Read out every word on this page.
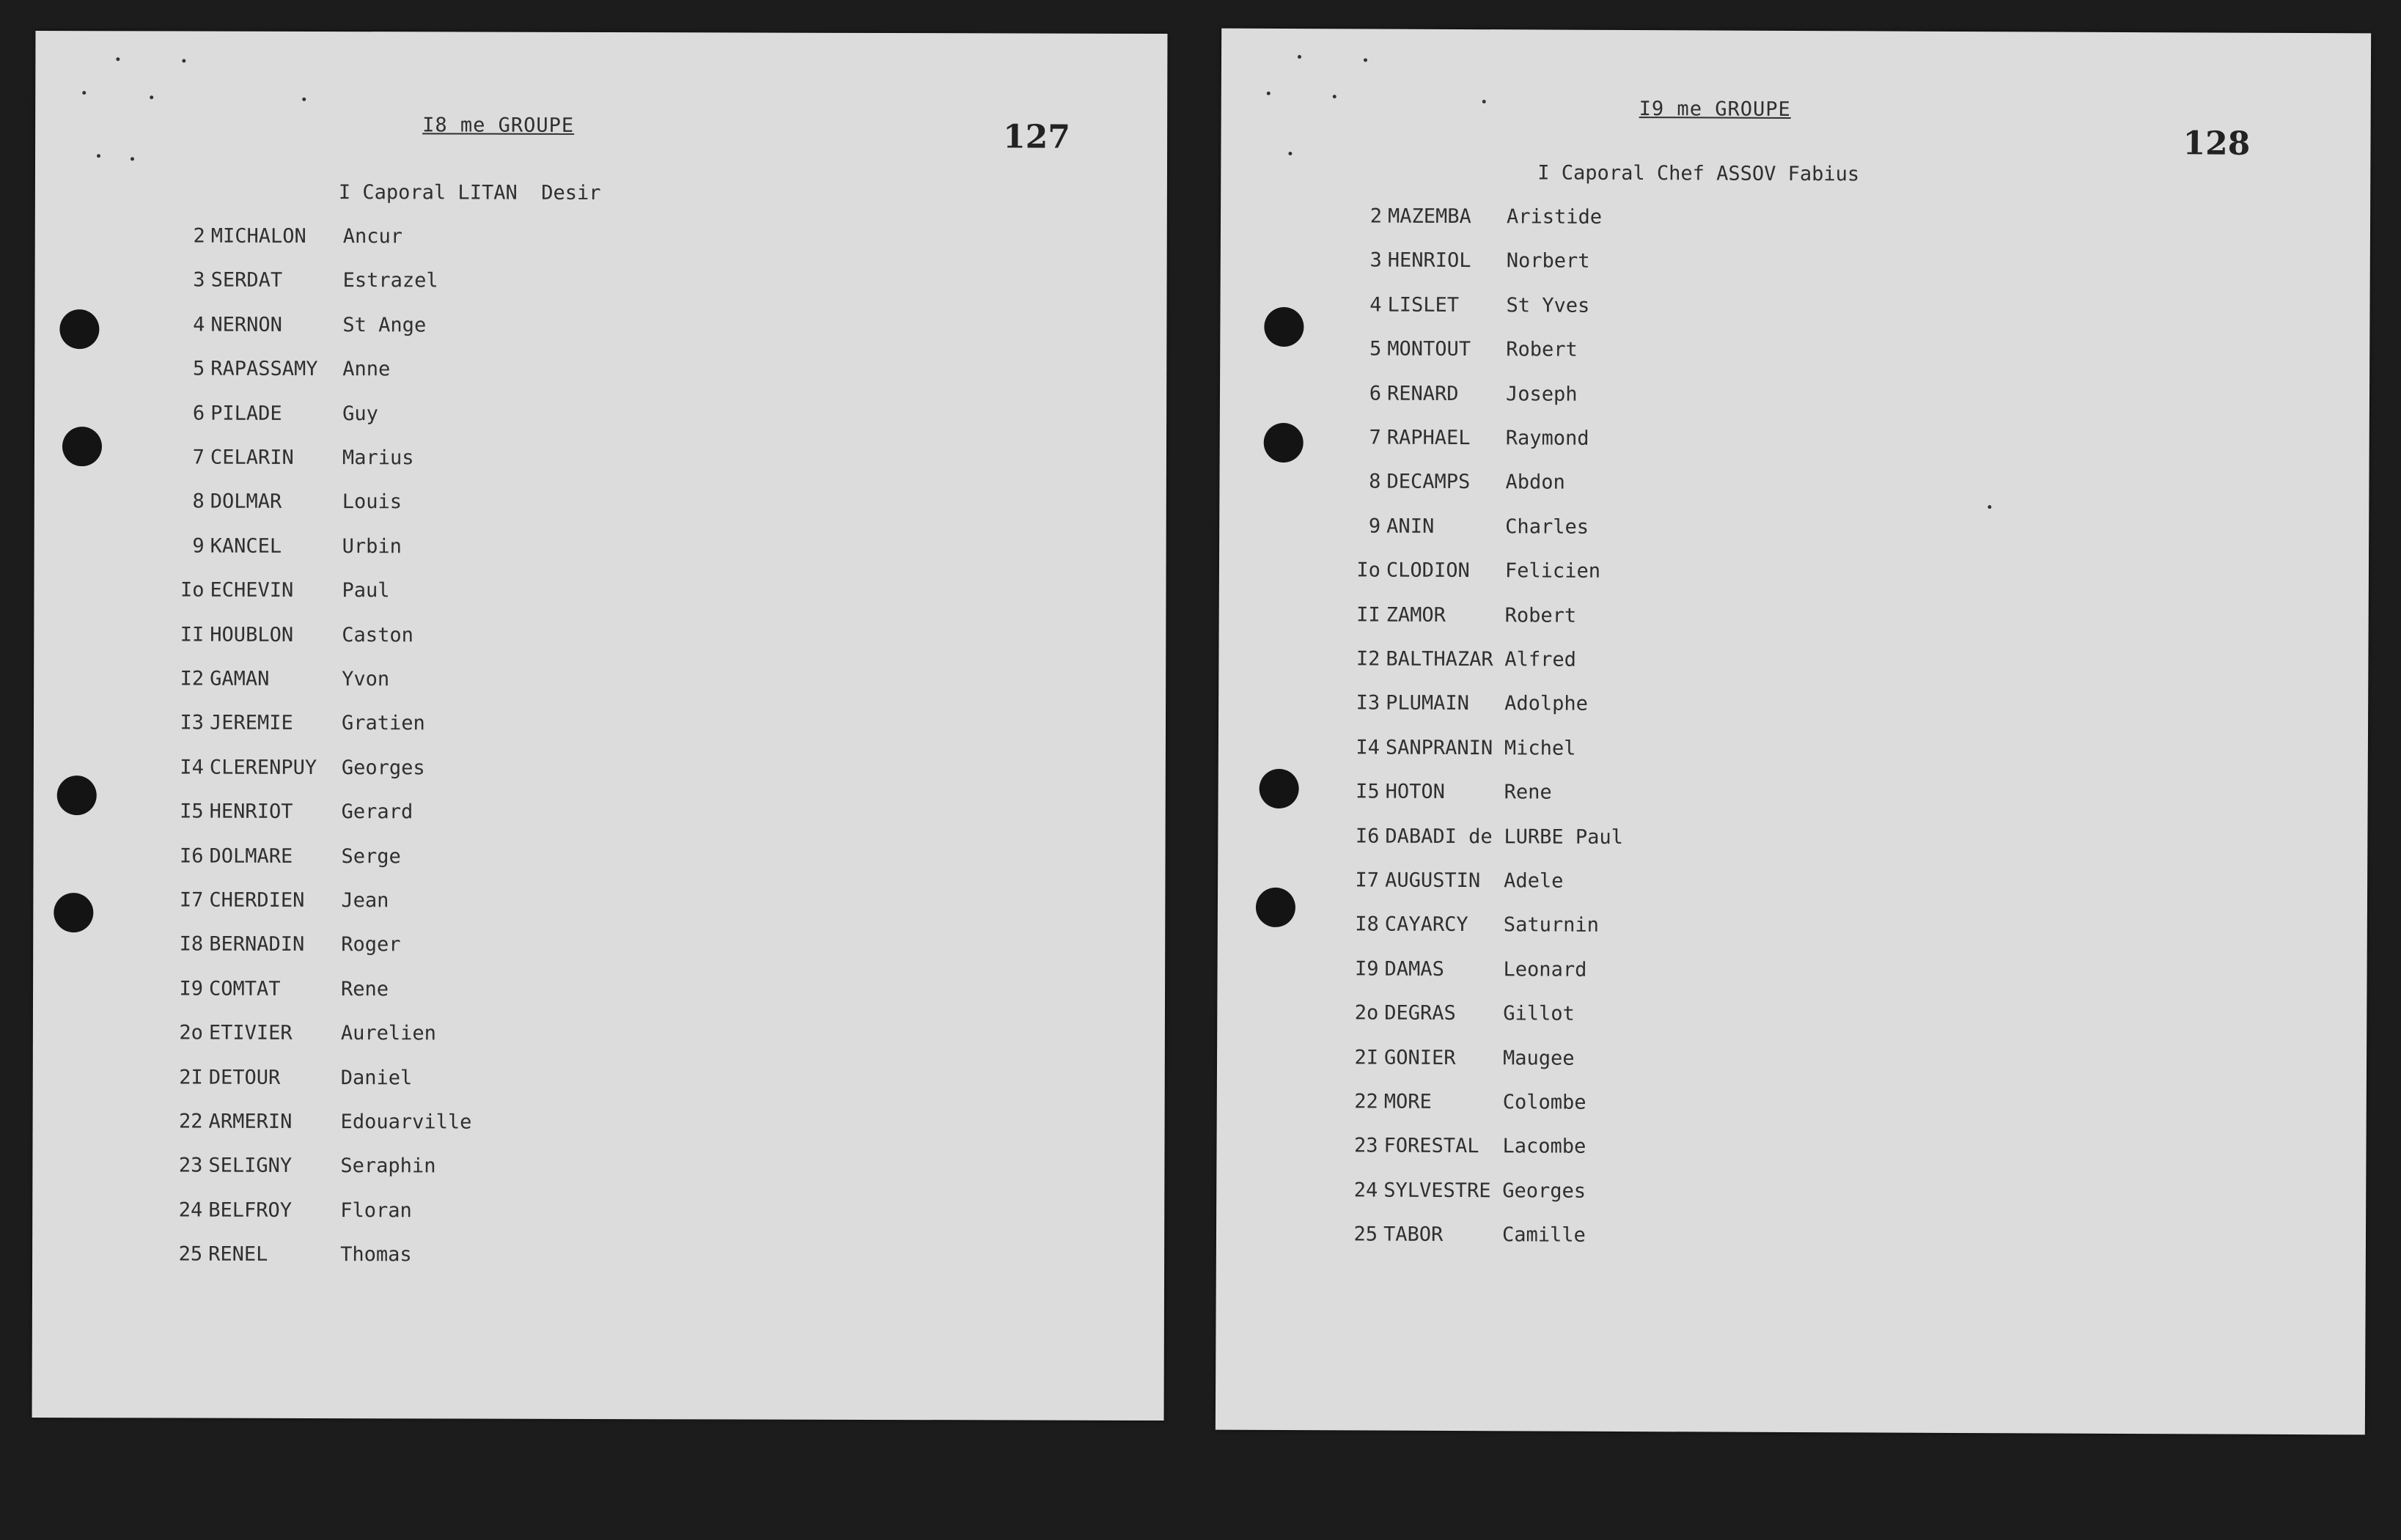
I8 me GROUPE	127
I Caporal LITAN  Desir
2 MICHALON Ancur
3 SERDAT	Estrazel
4 NERNON	St Ange
5 RAPASSAMY Anne
6 PILADE	Guy
7 CELARIN Marius
8 DOLMAR	Louis
9 KANCEL	Urbin
Io ECHEVIN Paul
II HOUBLON Caston
I2 GAMAN	Yvon
I3 JEREMIE Gratien
I4 CLERENPUY Georges
I5 HENRIOT Gerard
I6 DOLMARE Serge
I7 CHERDIEN Jean
I8 BERNADIN Roger
I9 COMTAT	Rene
2o ETIVIER Aurelien
2I DETOUR	Daniel
22 ARMERIN Edouarville
23 SELIGNY Seraphin
24 BELFROY Floran
25 RENEL	Thomas
I9 me GROUPE
128
I Caporal Chef ASSOV Fabius
2 MAZEMBA Aristide
3 HENRIOL Norbert
4 LISLET St Yves
5 MONTOUT Robert
6 RENARD Joseph
7 RAPHAEL Raymond
8 DECAMPS Abdon
9 ANIN	Charles
Io CLODION Felicien
II ZAMOR	Robert
I2 BALTHAZAR Alfred
I3 PLUMAIN Adolphe
I4 SANPRANIN Michel
I5 HOTON	Rene
I6 DABADI de LURBE Paul
I7 AUGUSTIN Adele
I8 CAYARCY Saturnin
I9 DAMAS	Leonard
2o DEGRAS Gillot
2I GONIER Maugee
22 MORE	Colombe
23 FORESTAL Lacombe
24 SYLVESTRE Georges
25 TABOR	Camille
